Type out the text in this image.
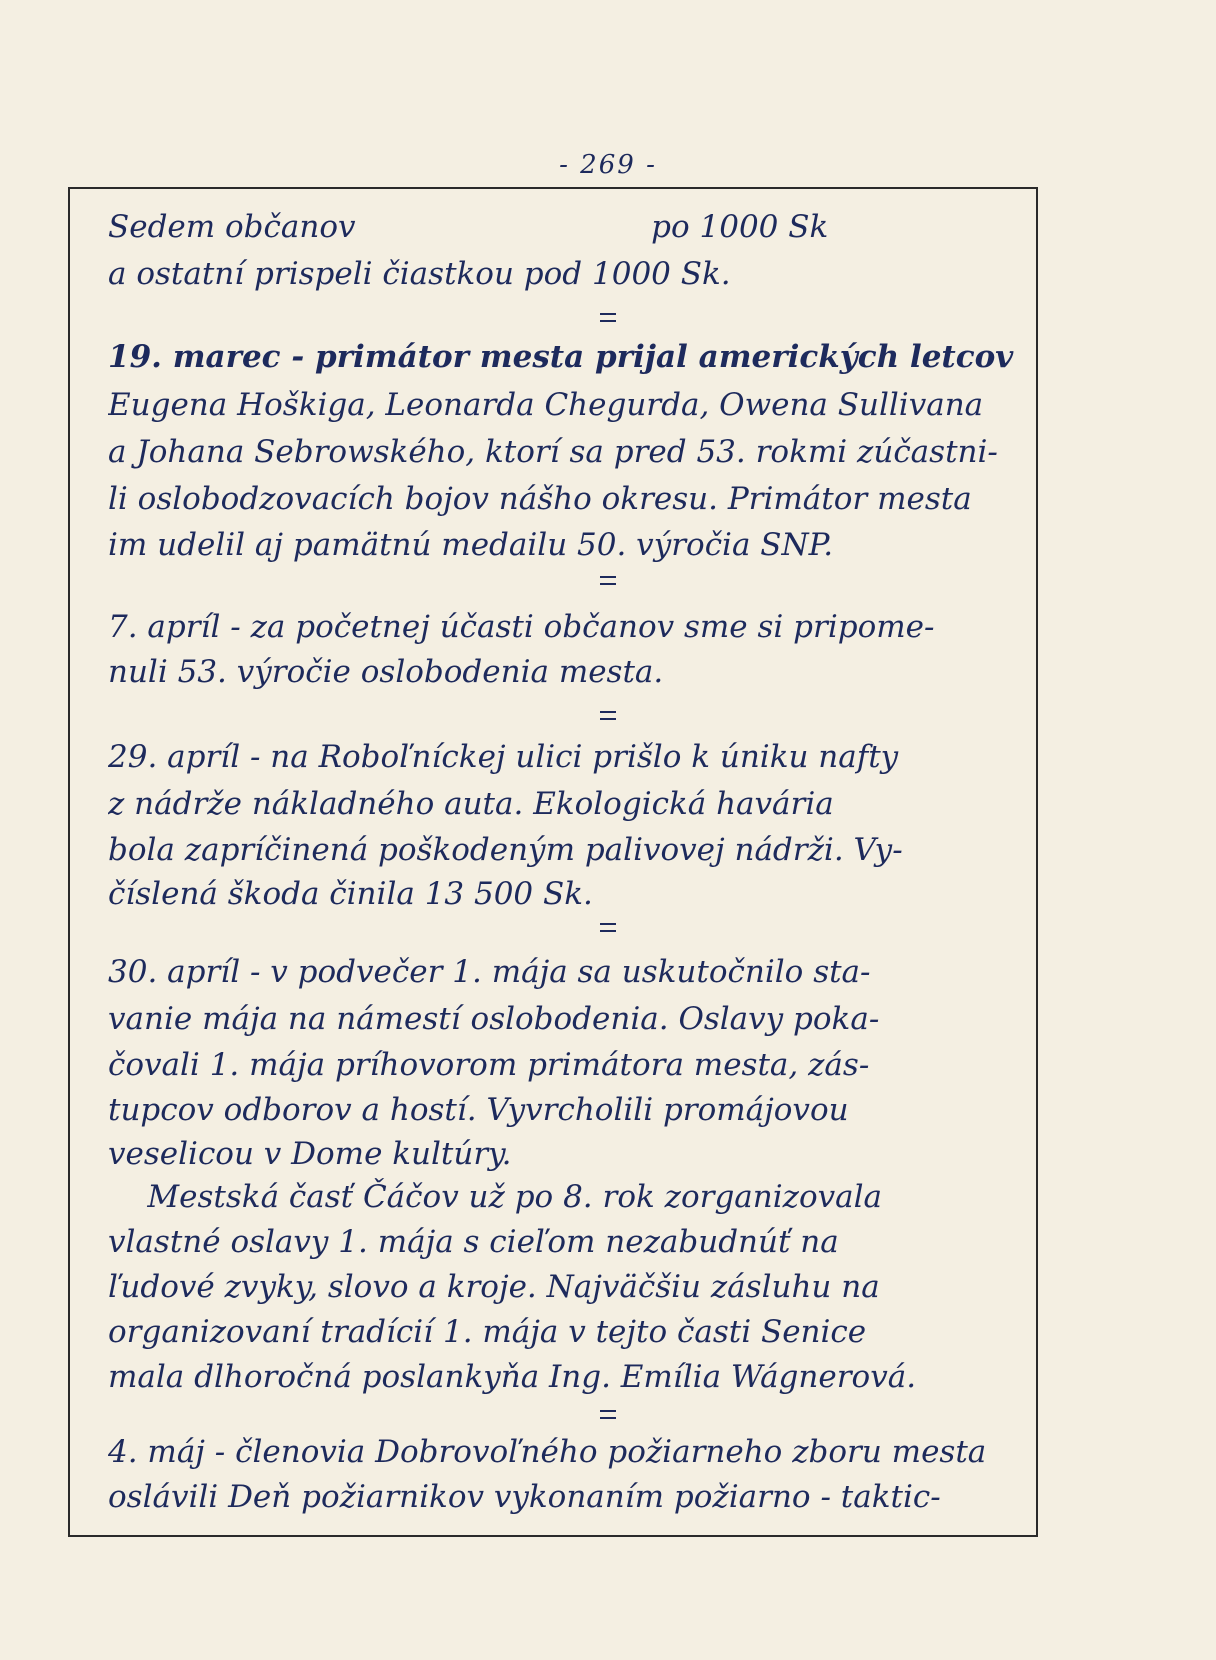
- 269 -
Sedem občanov                              po 1000 Sk
a ostatní prispeli čiastkou pod 1000 Sk.
19. marec - primátor mesta prijal amerických letcov
Eugena Hoškiga, Leonarda Chegurda, Owena Sullivana
a Johana Sebrowského, ktorí sa pred 53. rokmi zúčastni-
li oslobodzovacích bojov nášho okresu. Primátor mesta
im udelil aj pamätnú medailu 50. výročia SNP.
7. apríl - za početnej účasti občanov sme si pripome-
nuli 53. výročie oslobodenia mesta.
29. apríl - na Roboľníckej ulici prišlo k úniku nafty
z nádrže nákladného auta. Ekologická havária
bola zapríčinená poškodeným palivovej nádrži. Vy-
číslená škoda činila 13 500 Sk.
30. apríl - v podvečer 1. mája sa uskutočnilo sta-
vanie mája na námestí oslobodenia. Oslavy poka-
čovali 1. mája príhovorom primátora mesta, zás-
tupcov odborov a hostí. Vyvrcholili promájovou
veselicou v Dome kultúry.
Mestská časť Čáčov už po 8. rok zorganizovala
vlastné oslavy 1. mája s cieľom nezabudnúť na
ľudové zvyky, slovo a kroje. Najväčšiu zásluhu na
organizovaní tradícií 1. mája v tejto časti Senice
mala dlhoročná poslankyňa Ing. Emília Wágnerová.
4. máj - členovia Dobrovoľného požiarneho zboru mesta
oslávili Deň požiarnikov vykonaním požiarno - taktic-
